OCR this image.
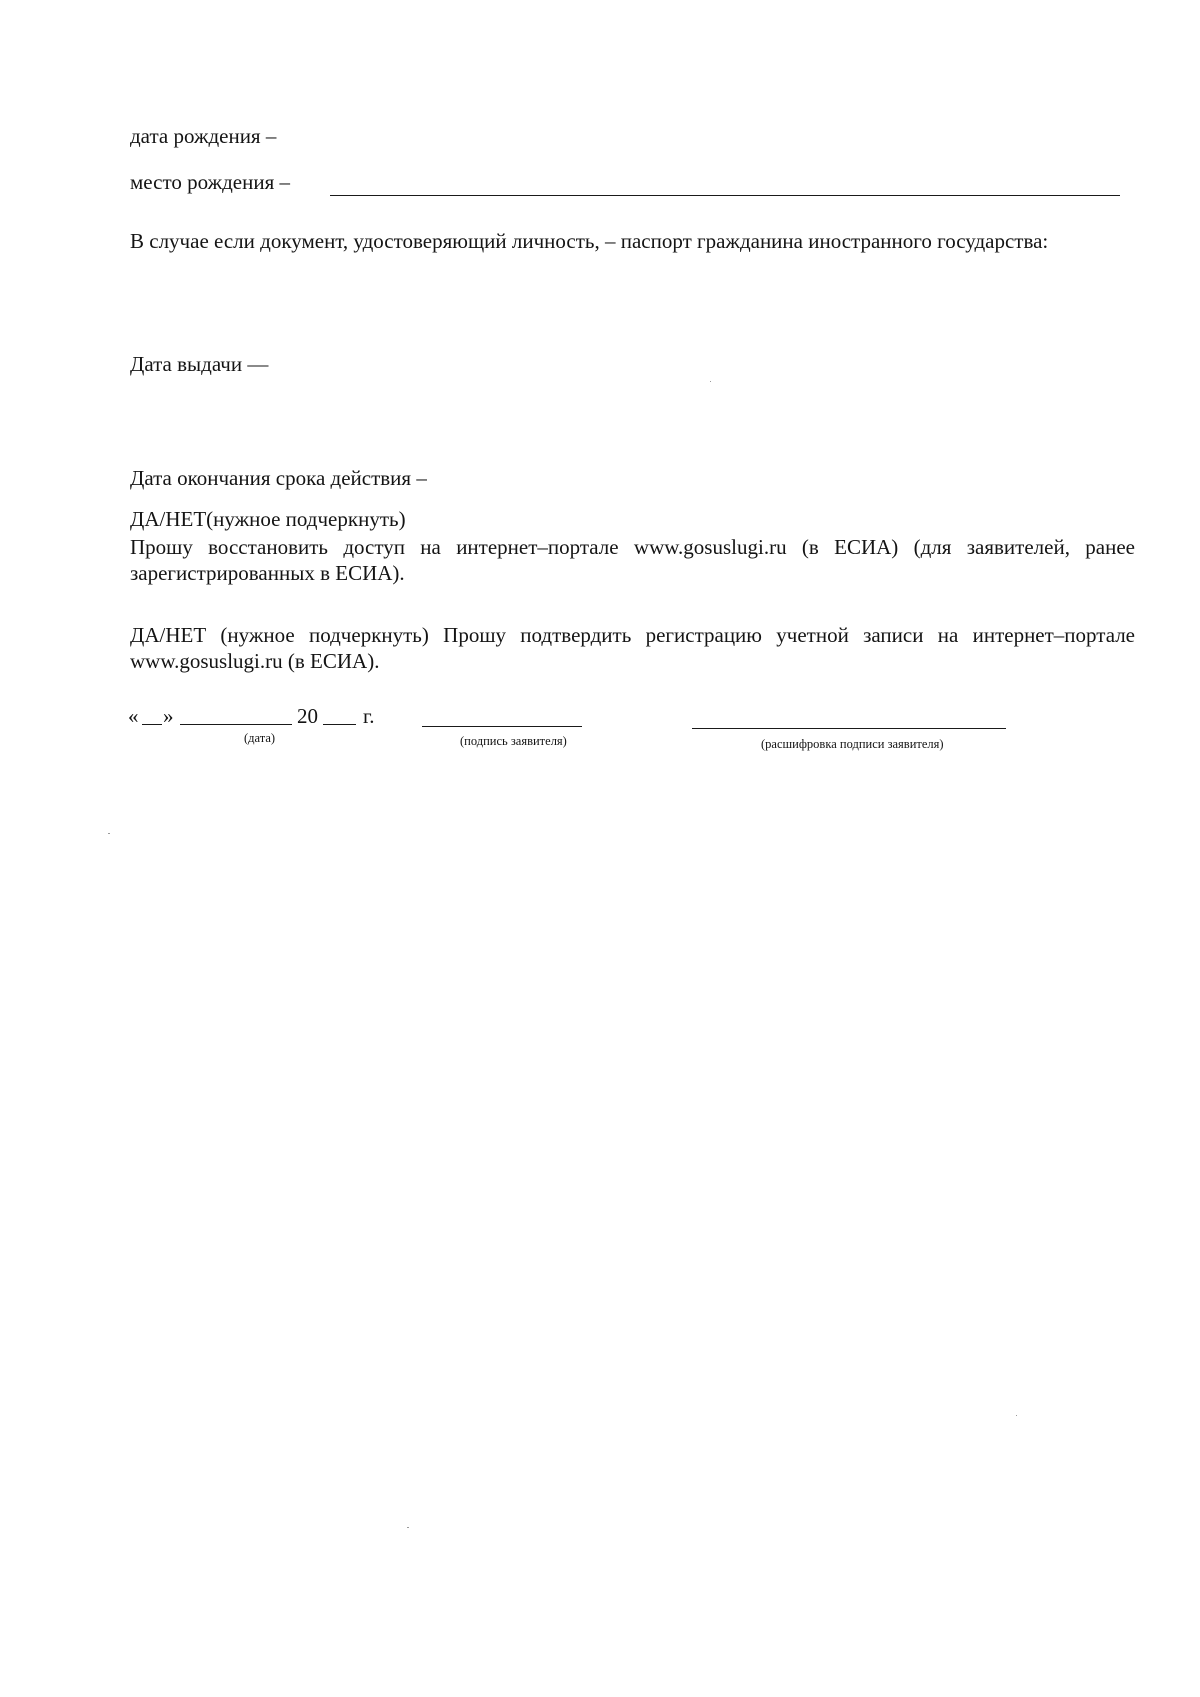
дата рождения –
место рождения –
В случае если документ, удостоверяющий личность, – паспорт гражданина иностранного государства:
Дата выдачи —
Дата окончания срока действия –
ДА/НЕТ(нужное подчеркнуть)
Прошу восстановить доступ на интернет–портале www.gosuslugi.ru (в ЕСИА) (для заявителей, ранее зарегистрированных в ЕСИА).
ДА/НЕТ (нужное подчеркнуть) Прошу подтвердить регистрацию учетной записи на интернет–портале www.gosuslugi.ru (в ЕСИА).
« »	20 г.
(дата)	(подпись заявителя)	(расшифровка подписи заявителя)
